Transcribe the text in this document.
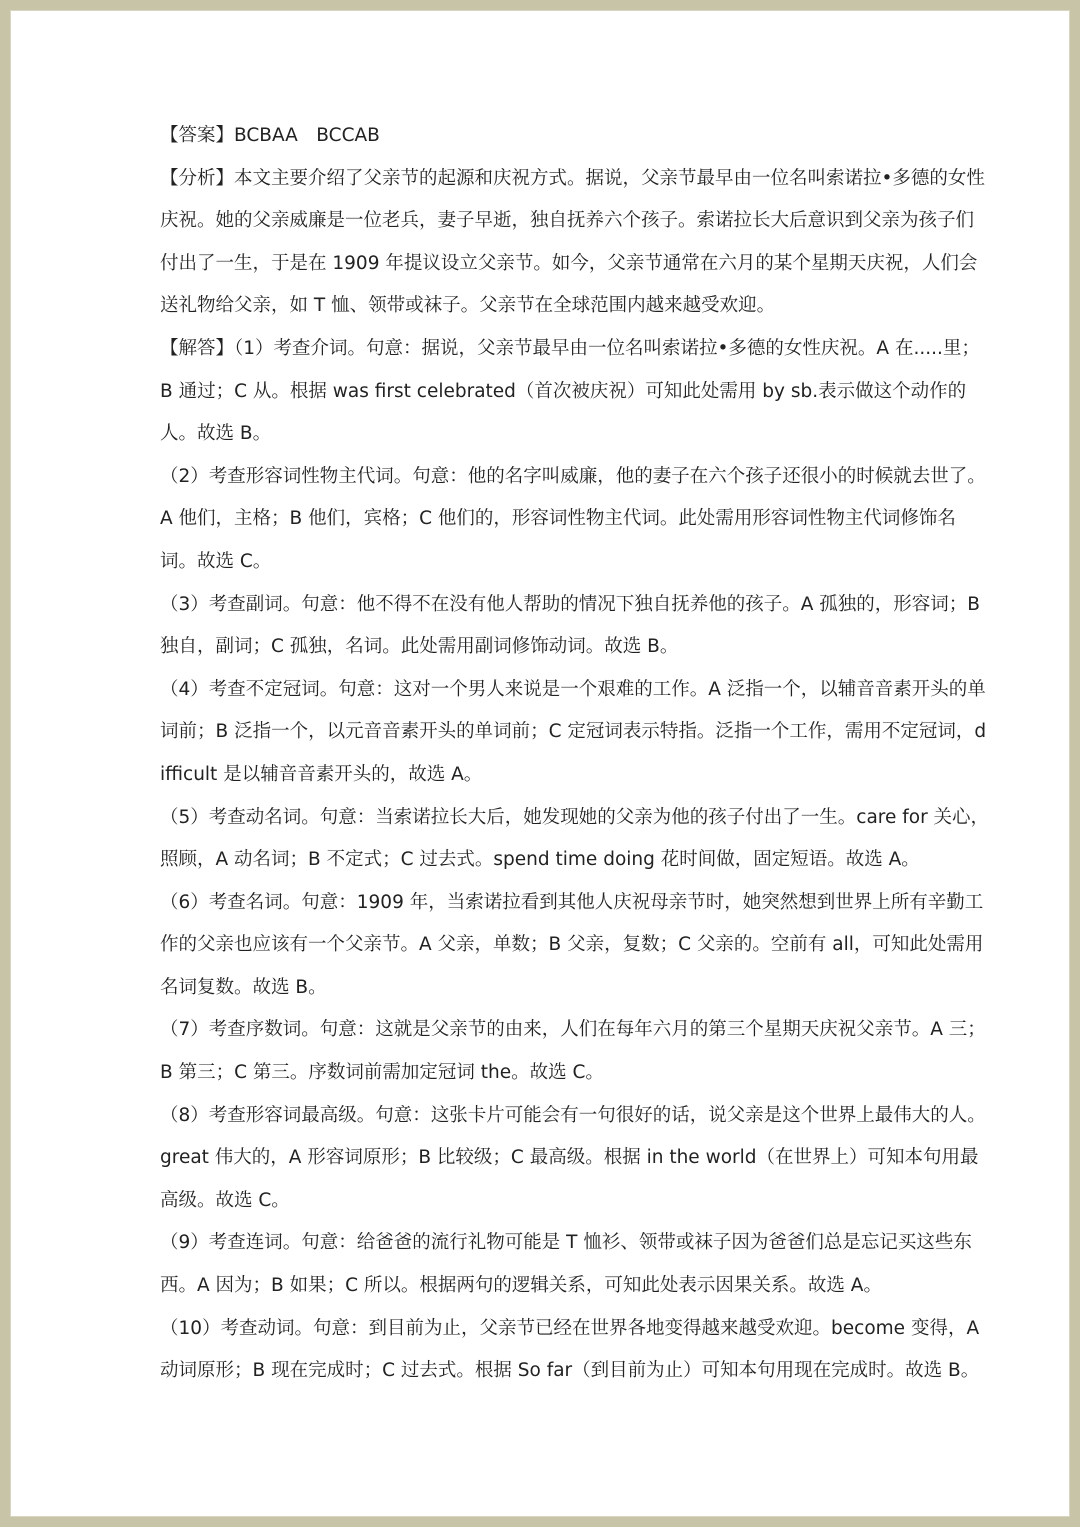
【答案】BCBAA　BCCAB

【分析】本文主要介绍了父亲节的起源和庆祝方式。据说，父亲节最早由一位名叫索诺拉•多德的女性庆祝。她的父亲威廉是一位老兵，妻子早逝，独自抚养六个孩子。索诺拉长大后意识到父亲为孩子们付出了一生，于是在 1909 年提议设立父亲节。如今，父亲节通常在六月的某个星期天庆祝，人们会送礼物给父亲，如 T 恤、领带或袜子。父亲节在全球范围内越来越受欢迎。

【解答】（1）考查介词。句意：据说，父亲节最早由一位名叫索诺拉•多德的女性庆祝。A 在.....里；B 通过；C 从。根据 was first celebrated（首次被庆祝）可知此处需用 by sb.表示做这个动作的人。故选 B。

（2）考查形容词性物主代词。句意：他的名字叫威廉，他的妻子在六个孩子还很小的时候就去世了。A 他们，主格；B 他们，宾格；C 他们的，形容词性物主代词。此处需用形容词性物主代词修饰名词。故选 C。

（3）考查副词。句意：他不得不在没有他人帮助的情况下独自抚养他的孩子。A 孤独的，形容词；B 独自，副词；C 孤独，名词。此处需用副词修饰动词。故选 B。

（4）考查不定冠词。句意：这对一个男人来说是一个艰难的工作。A 泛指一个，以辅音音素开头的单词前；B 泛指一个，以元音音素开头的单词前；C 定冠词表示特指。泛指一个工作，需用不定冠词，difficult 是以辅音音素开头的，故选 A。

（5）考查动名词。句意：当索诺拉长大后，她发现她的父亲为他的孩子付出了一生。care for 关心，照顾，A 动名词；B 不定式；C 过去式。spend time doing 花时间做，固定短语。故选 A。

（6）考查名词。句意：1909 年，当索诺拉看到其他人庆祝母亲节时，她突然想到世界上所有辛勤工作的父亲也应该有一个父亲节。A 父亲，单数；B 父亲，复数；C 父亲的。空前有 all，可知此处需用名词复数。故选 B。

（7）考查序数词。句意：这就是父亲节的由来，人们在每年六月的第三个星期天庆祝父亲节。A 三；B 第三；C 第三。序数词前需加定冠词 the。故选 C。

（8）考查形容词最高级。句意：这张卡片可能会有一句很好的话，说父亲是这个世界上最伟大的人。great 伟大的，A 形容词原形；B 比较级；C 最高级。根据 in the world（在世界上）可知本句用最高级。故选 C。

（9）考查连词。句意：给爸爸的流行礼物可能是 T 恤衫、领带或袜子因为爸爸们总是忘记买这些东西。A 因为；B 如果；C 所以。根据两句的逻辑关系，可知此处表示因果关系。故选 A。

（10）考查动词。句意：到目前为止，父亲节已经在世界各地变得越来越受欢迎。become 变得，A 动词原形；B 现在完成时；C 过去式。根据 So far（到目前为止）可知本句用现在完成时。故选 B。
